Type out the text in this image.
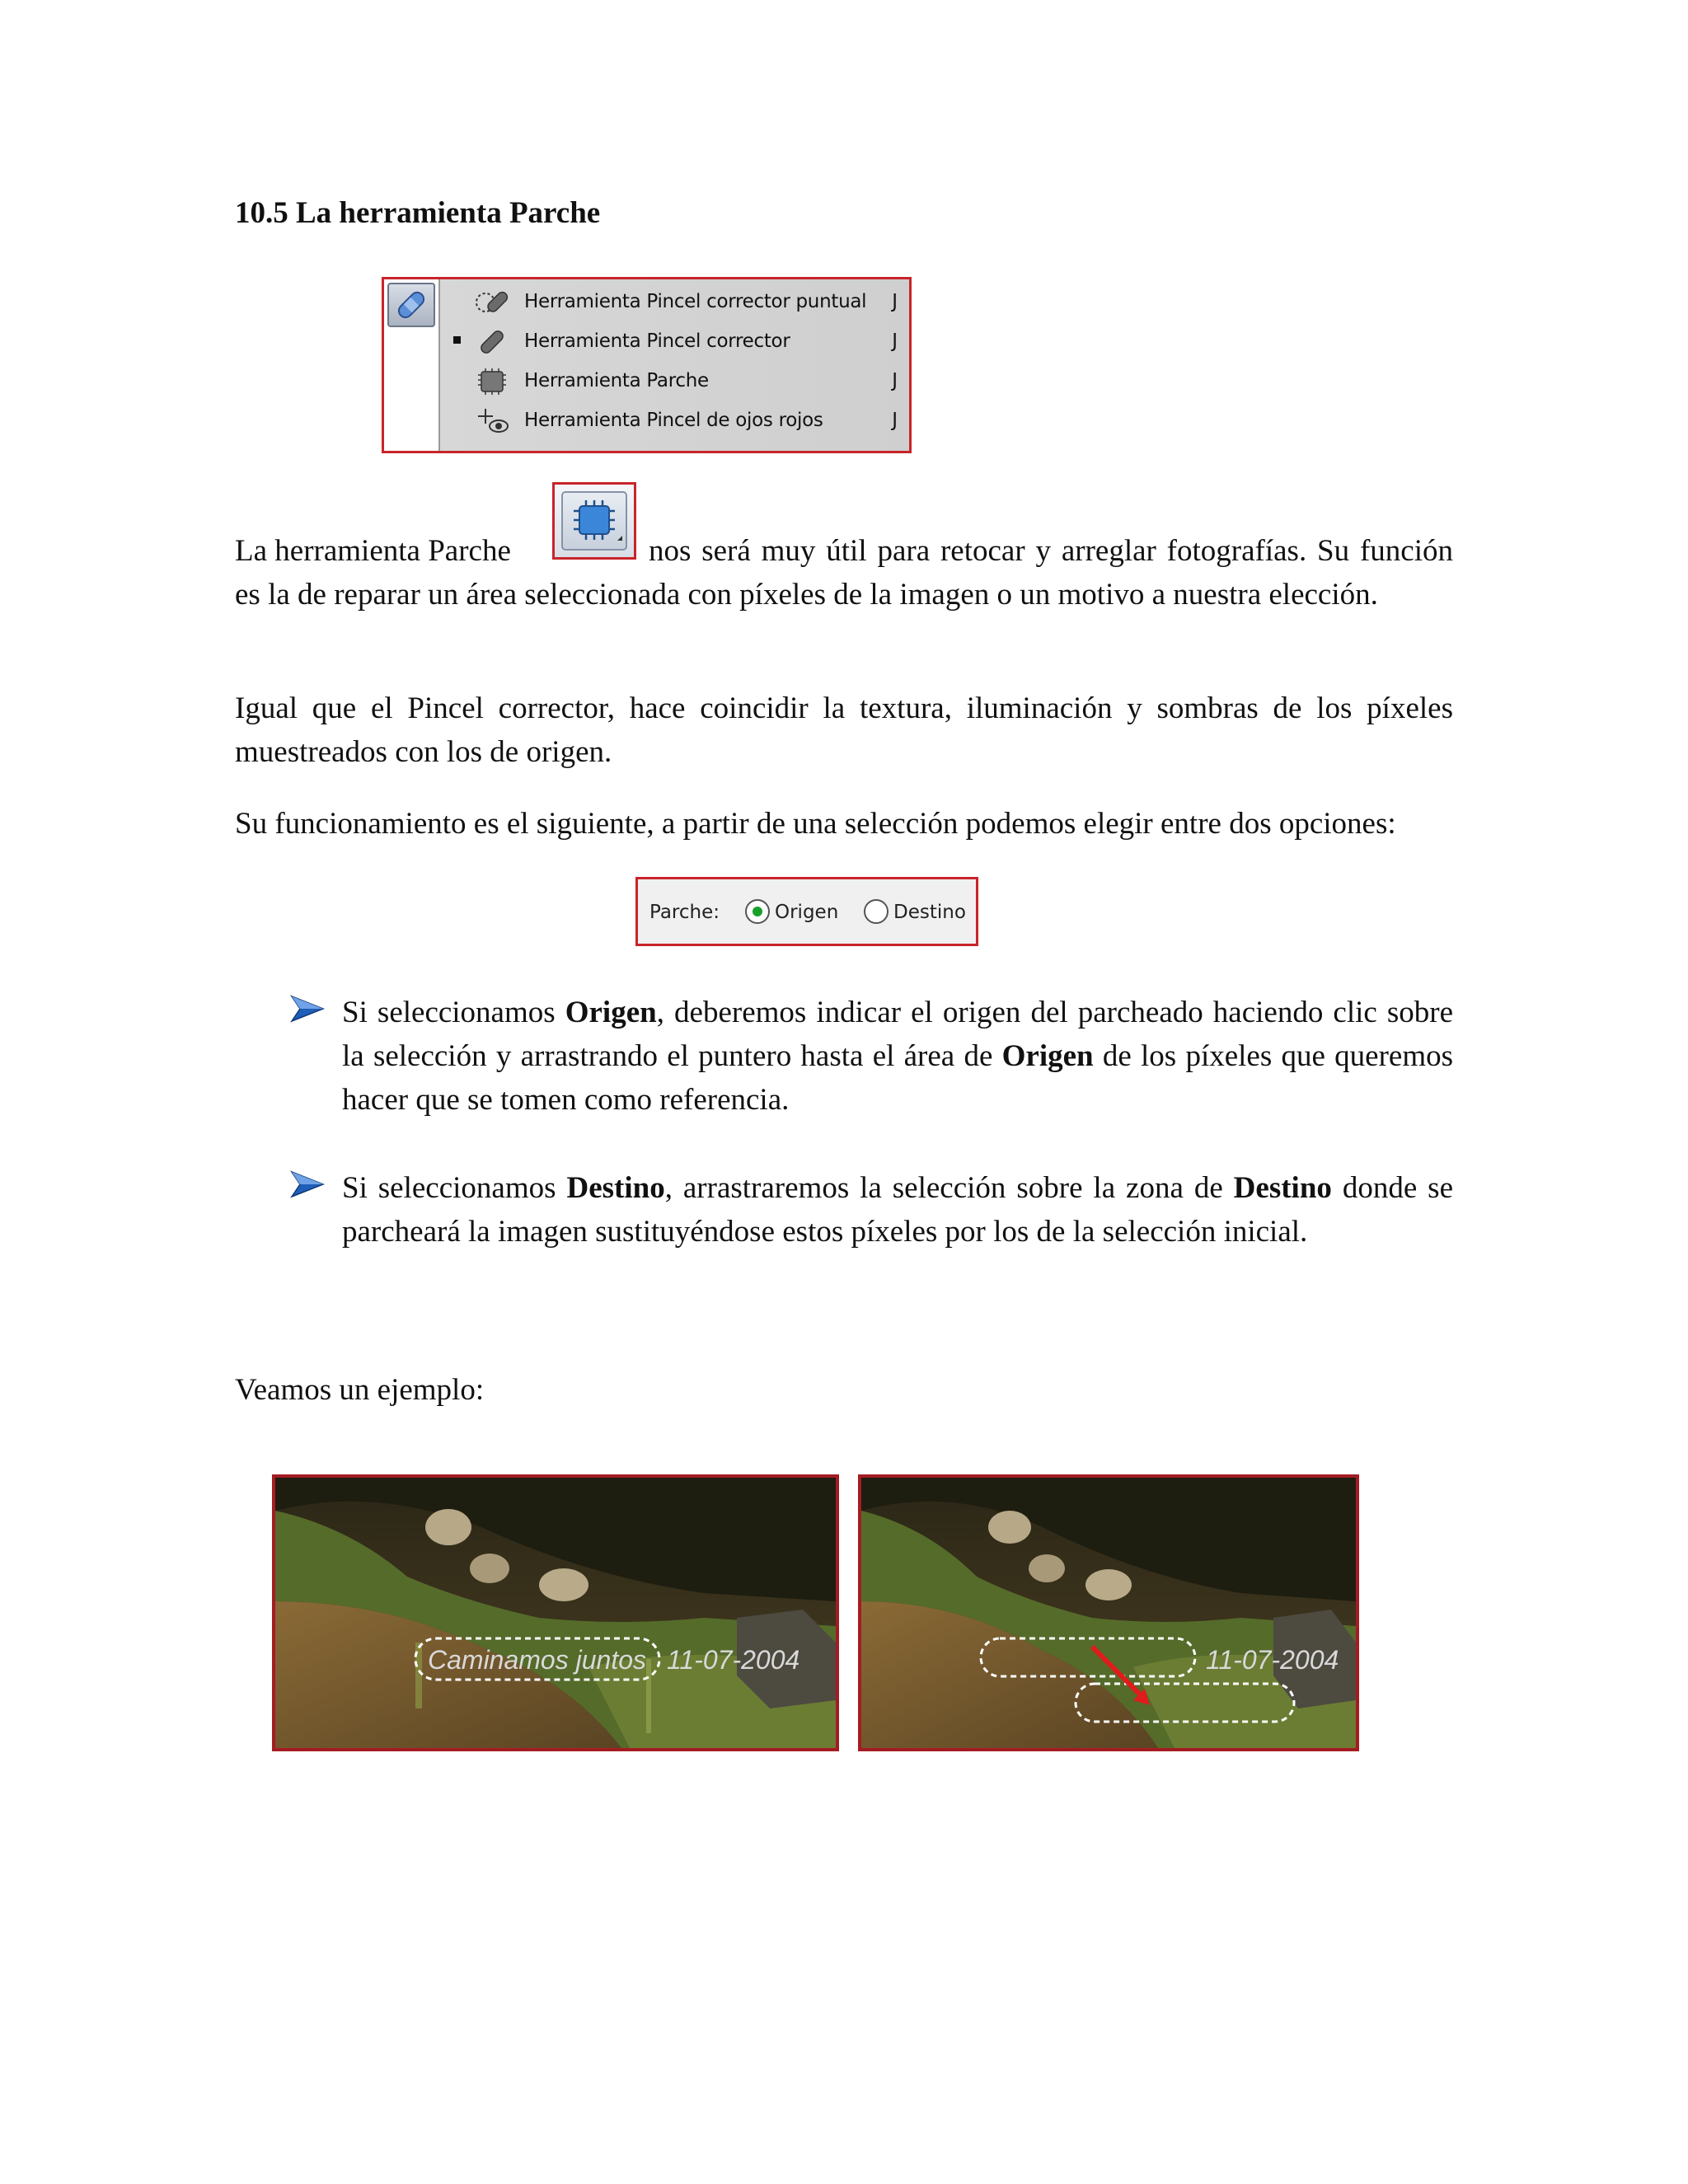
10.5 La herramienta Parche
Herramienta Pincel corrector puntual J
Herramienta Pincel corrector	J
Herramienta Parche	J
Herramienta Pincel de ojos rojos	J
La herramienta Parche	nos será muy útil para retocar y arreglar fotografías. Su función es la de reparar un área seleccionada con píxeles de la imagen o un motivo a nuestra elección.
Igual que el Pincel corrector, hace coincidir la textura, iluminación y sombras de los píxeles muestreados con los de origen.
Su funcionamiento es el siguiente, a partir de una selección podemos elegir entre dos opciones:
Parche:	Origen	Destino
Si seleccionamos Origen, deberemos indicar el origen del parcheado haciendo clic sobre la selección y arrastrando el puntero hasta el área de Origen de los píxeles que queremos hacer que se tomen como referencia.
Si seleccionamos Destino, arrastraremos la selección sobre la zona de Destino donde se parcheará la imagen sustituyéndose estos píxeles por los de la selección inicial.
Veamos un ejemplo:
Caminamos juntos 11-07-2004	11-07-2004
